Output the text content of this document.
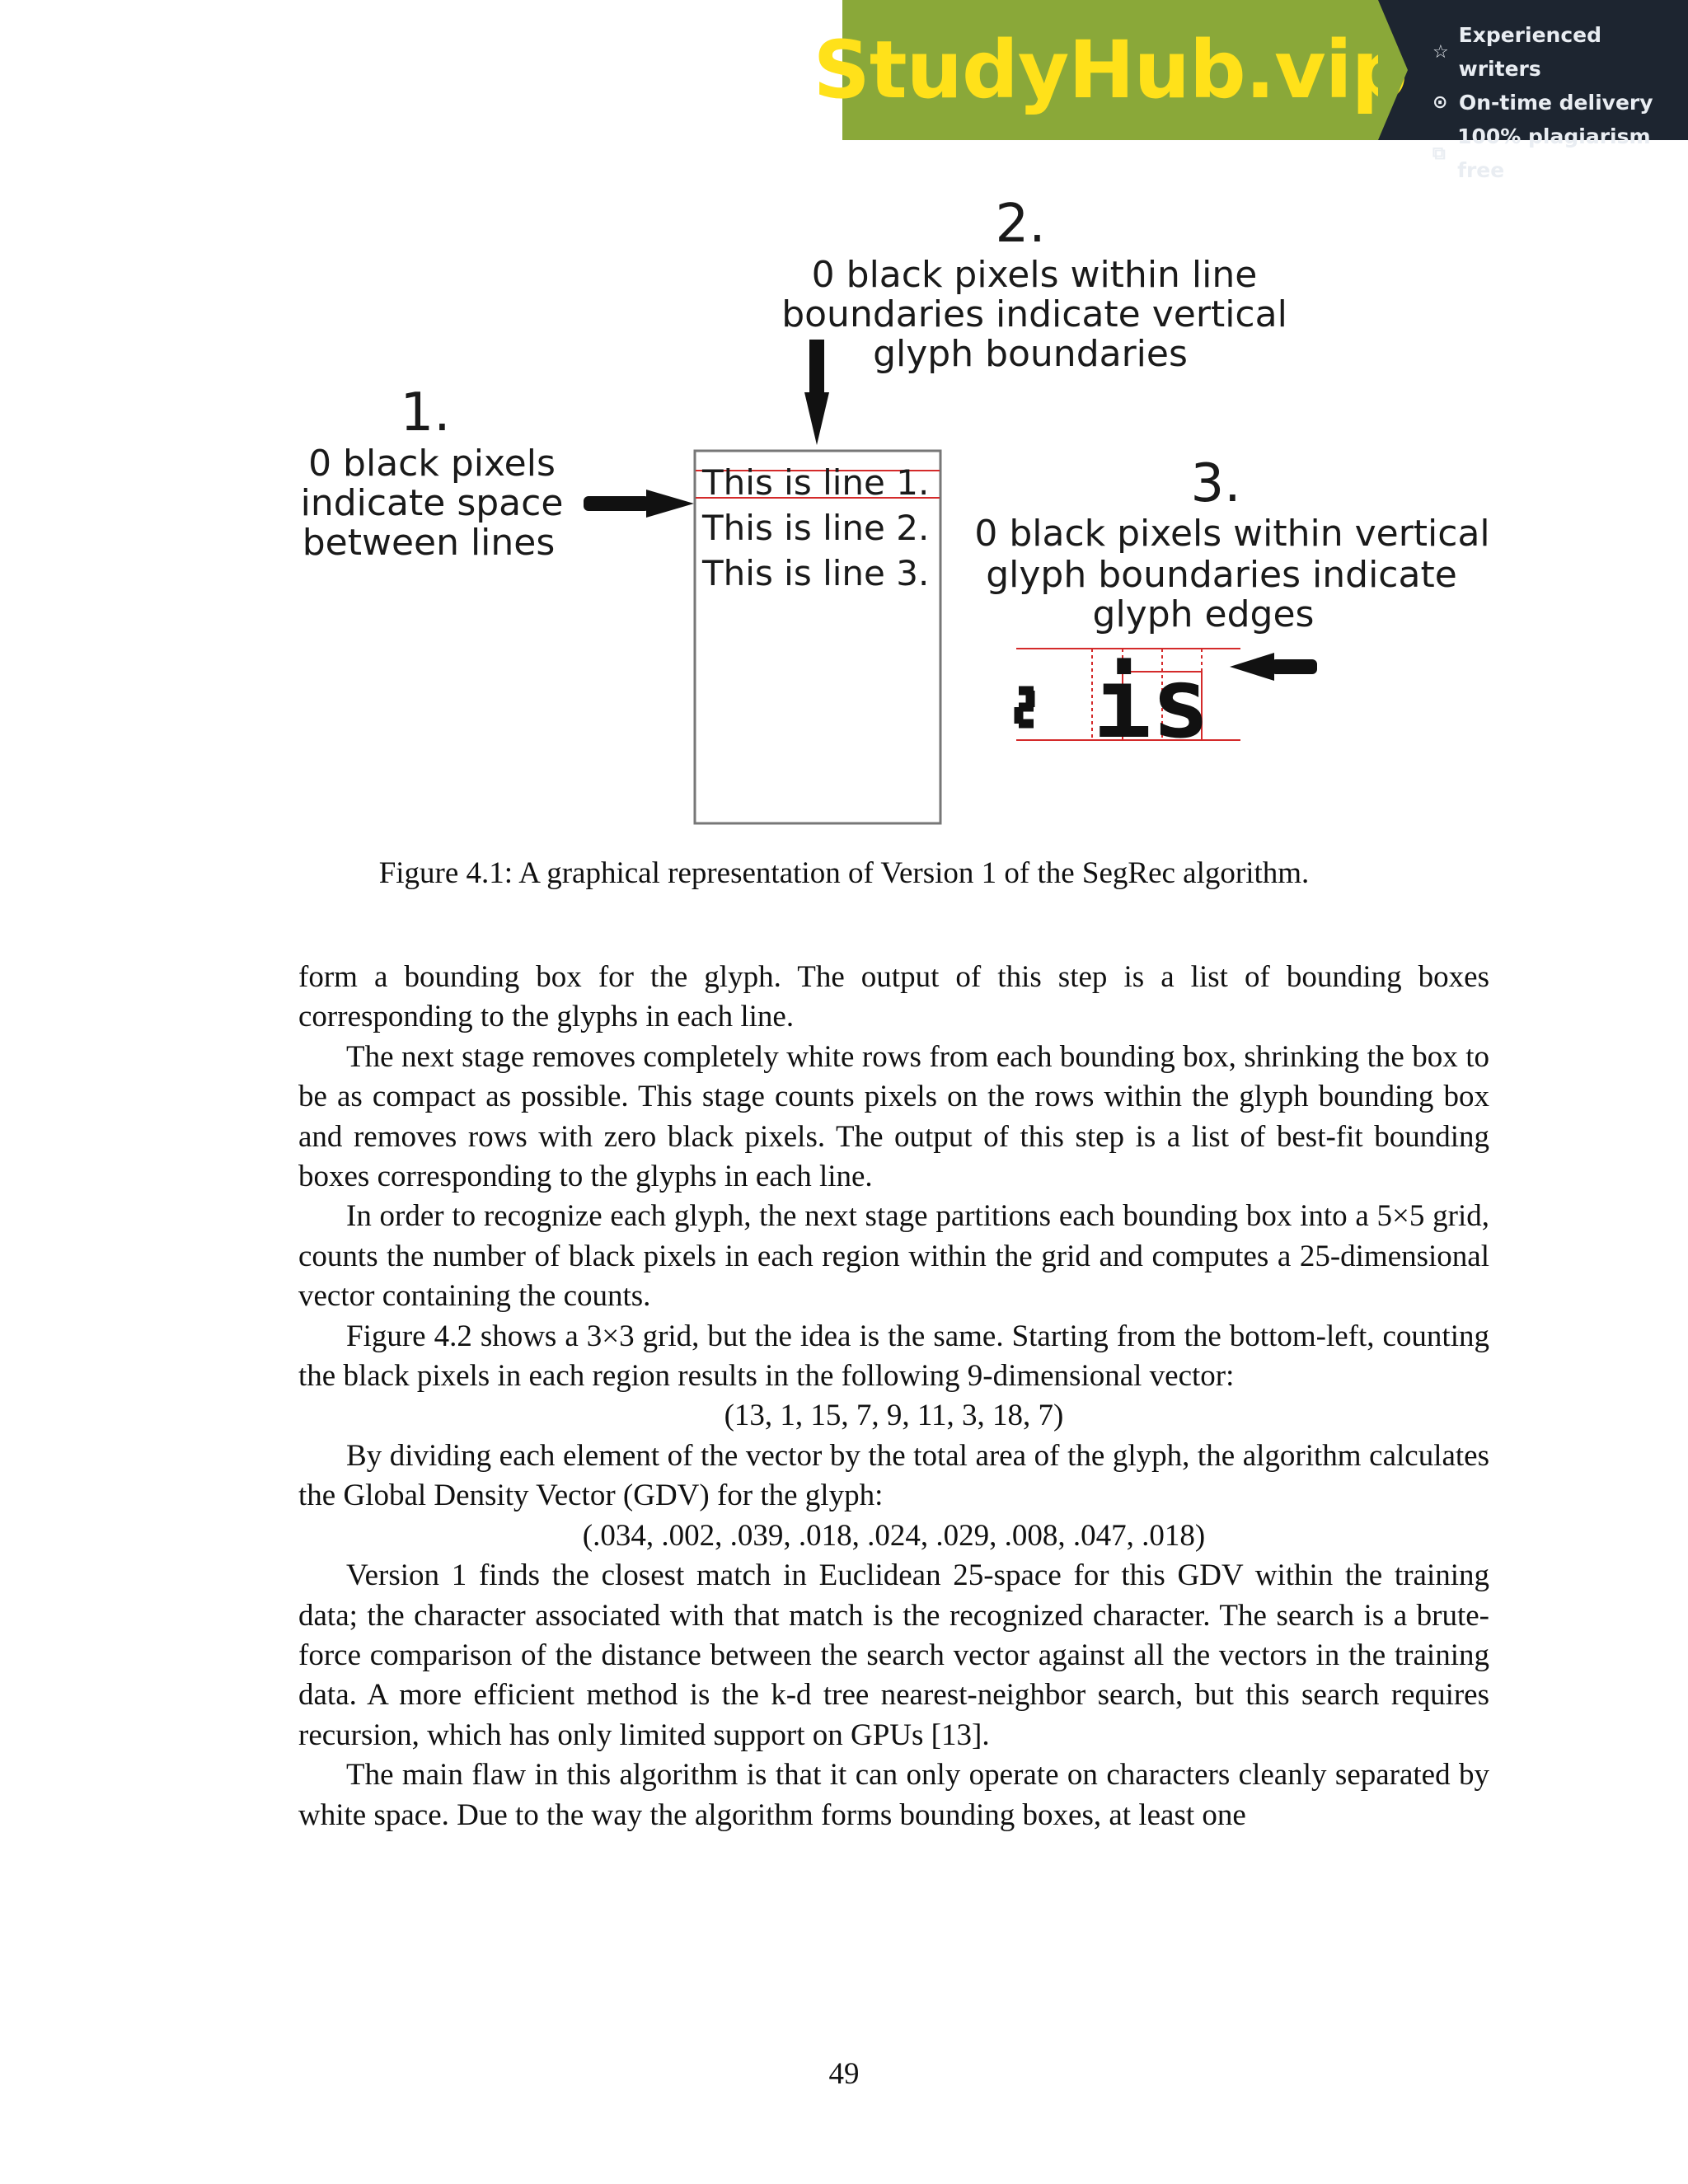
StudyHub.vip ☆
Experienced writers
⊙ On-time delivery
⧉
100% plagiarism free
2.
0 black pixels within line
boundaries indicate vertical
glyph boundaries
1.
0 black pixels
indicate space
between lines
This is line 1.
This is line 2.
This is line 3.
3.
0 black pixels within vertical
glyph boundaries indicate
glyph edges
is
Figure 4.1: A graphical representation of Version 1 of the SegRec algorithm.

form a bounding box for the glyph. The output of this step is a list of bounding boxes corresponding to the glyphs in each line.

The next stage removes completely white rows from each bounding box, shrinking the box to be as compact as possible. This stage counts pixels on the rows within the glyph bounding box and removes rows with zero black pixels. The output of this step is a list of best-fit bounding boxes corresponding to the glyphs in each line.

In order to recognize each glyph, the next stage partitions each bounding box into a 5×5 grid, counts the number of black pixels in each region within the grid and computes a 25-dimensional vector containing the counts.

Figure 4.2 shows a 3×3 grid, but the idea is the same. Starting from the bottom-left, counting the black pixels in each region results in the following 9-dimensional vector:

(13, 1, 15, 7, 9, 11, 3, 18, 7)

By dividing each element of the vector by the total area of the glyph, the algorithm calculates the Global Density Vector (GDV) for the glyph:

(.034, .002, .039, .018, .024, .029, .008, .047, .018)

Version 1 finds the closest match in Euclidean 25-space for this GDV within the training data; the character associated with that match is the recognized character. The search is a brute-force comparison of the distance between the search vector against all the vectors in the training data. A more efficient method is the k-d tree nearest-neighbor search, but this search requires recursion, which has only limited support on GPUs [13].

The main flaw in this algorithm is that it can only operate on characters cleanly separated by white space. Due to the way the algorithm forms bounding boxes, at least one

49
